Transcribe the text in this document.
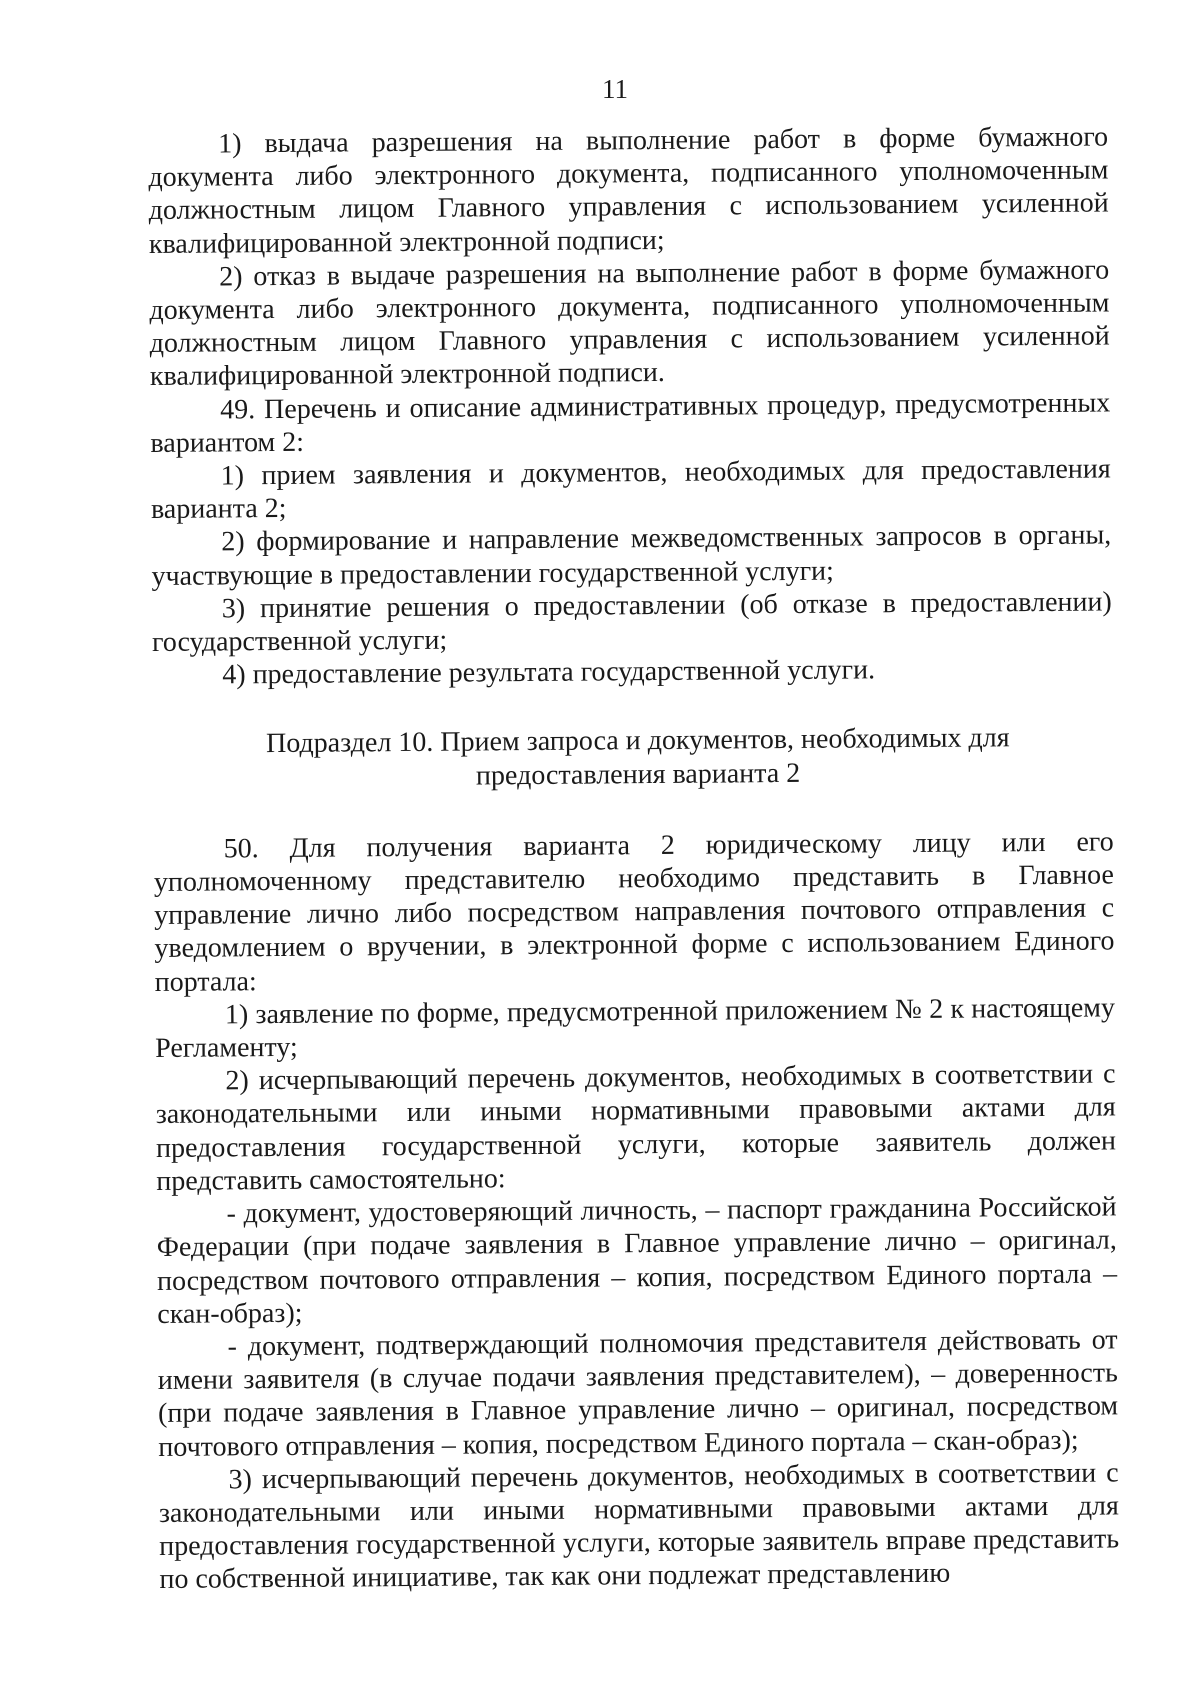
11

1) выдача разрешения на выполнение работ в форме бумажного документа либо электронного документа, подписанного уполномоченным должностным лицом Главного управления с использованием усиленной квалифицированной электронной подписи;

2) отказ в выдаче разрешения на выполнение работ в форме бумажного документа либо электронного документа, подписанного уполномоченным должностным лицом Главного управления с использованием усиленной квалифицированной электронной подписи.

49. Перечень и описание административных процедур, предусмотренных вариантом 2:

1) прием заявления и документов, необходимых для предоставления варианта 2;

2) формирование и направление межведомственных запросов в органы, участвующие в предоставлении государственной услуги;

3) принятие решения о предоставлении (об отказе в предоставлении) государственной услуги;

4) предоставление результата государственной услуги.

Подраздел 10. Прием запроса и документов, необходимых для
предоставления варианта 2

50. Для получения варианта 2 юридическому лицу или его уполномоченному представителю необходимо представить в Главное управление лично либо посредством направления почтового отправления с уведомлением о вручении, в электронной форме с использованием Единого портала:

1) заявление по форме, предусмотренной приложением № 2 к настоящему Регламенту;

2) исчерпывающий перечень документов, необходимых в соответствии с законодательными или иными нормативными правовыми актами для предоставления государственной услуги, которые заявитель должен представить самостоятельно:

- документ, удостоверяющий личность, – паспорт гражданина Российской Федерации (при подаче заявления в Главное управление лично – оригинал, посредством почтового отправления – копия, посредством Единого портала – скан-образ);

- документ, подтверждающий полномочия представителя действовать от имени заявителя (в случае подачи заявления представителем), – доверенность (при подаче заявления в Главное управление лично – оригинал, посредством почтового отправления – копия, посредством Единого портала – скан-образ);

3) исчерпывающий перечень документов, необходимых в соответствии с законодательными или иными нормативными правовыми актами для предоставления государственной услуги, которые заявитель вправе представить по собственной инициативе, так как они подлежат представлению
